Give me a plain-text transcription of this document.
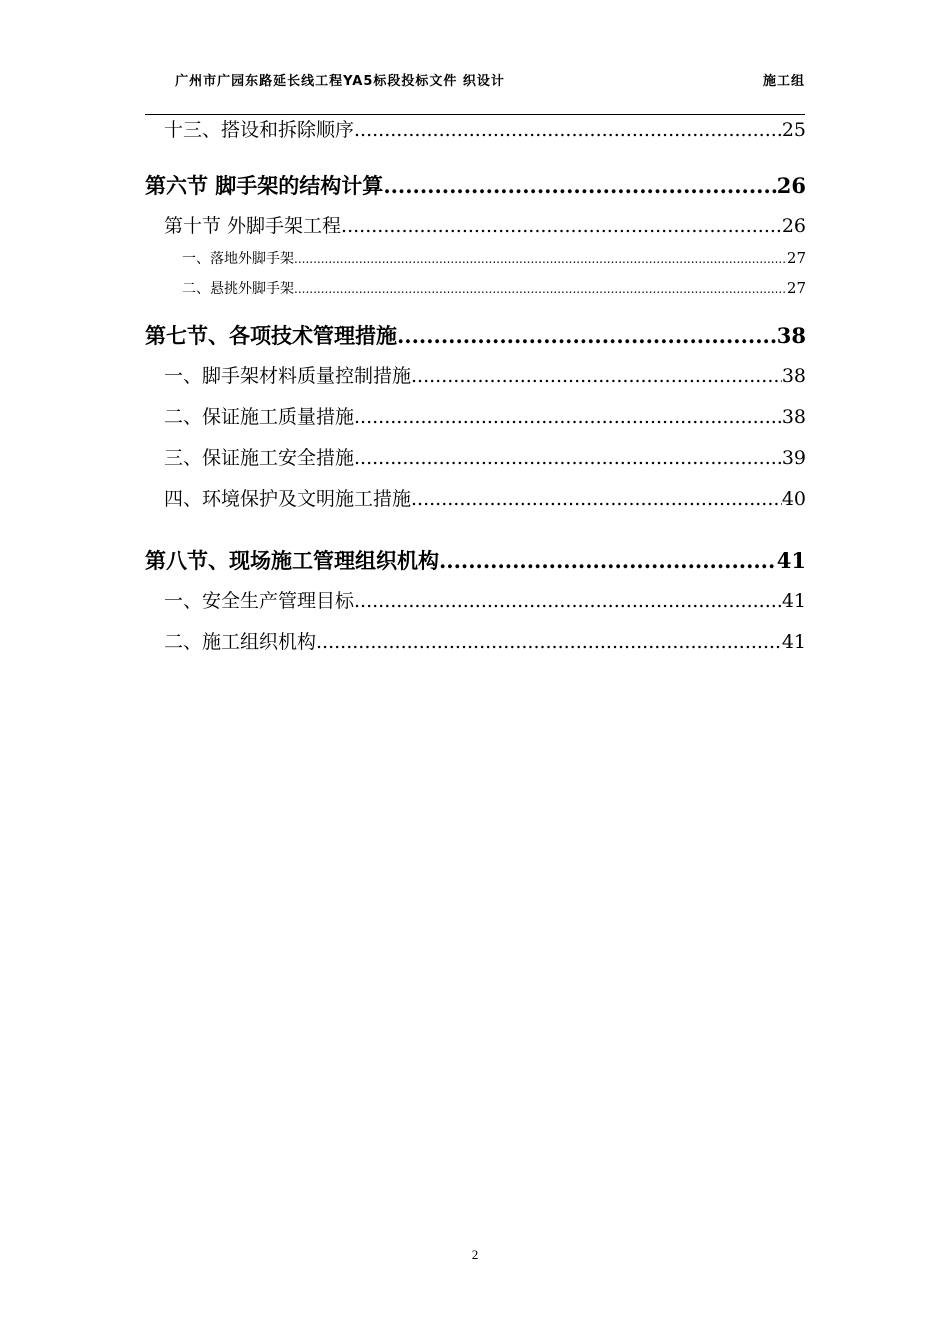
广州市广园东路延长线工程YA5标段投标文件 织设计	施工组
十三、搭设和拆除顺序 .....	25
第六节 脚手架的结构计算 .....	26
第十节 外脚手架工程 .....	26
一、落地外脚手架 .....	27
二、悬挑外脚手架 .....	27
第七节、各项技术管理措施 .....	38
一、脚手架材料质量控制措施 .....	38
二、保证施工质量措施 .....	38
三、保证施工安全措施 .....	39
四、环境保护及文明施工措施 .....	40
第八节、现场施工管理组织机构 .....	41
一、安全生产管理目标 .....	41
二、施工组织机构 .....	41
2
